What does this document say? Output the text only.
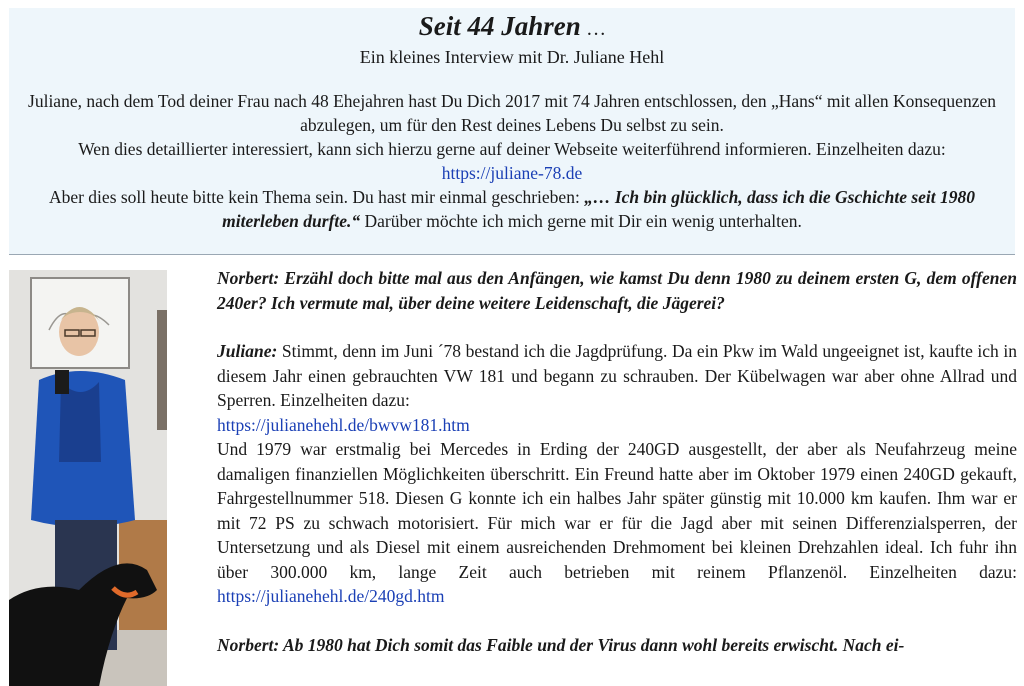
Seit 44 Jahren …
Ein kleines Interview mit Dr. Juliane Hehl
Juliane, nach dem Tod deiner Frau nach 48 Ehejahren hast Du Dich 2017 mit 74 Jahren entschlossen, den „Hans“ mit allen Konsequenzen abzulegen, um für den Rest deines Lebens Du selbst zu sein.
Wen dies detaillierter interessiert, kann sich hierzu gerne auf deiner Webseite weiterführend informieren. Einzelheiten dazu: https://juliane-78.de
Aber dies soll heute bitte kein Thema sein. Du hast mir einmal geschrieben: „… Ich bin glücklich, dass ich die Gschichte seit 1980 miterleben durfte.“ Darüber möchte ich mich gerne mit Dir ein wenig unterhalten.

Norbert: Erzähl doch bitte mal aus den Anfängen, wie kamst Du denn 1980 zu deinem ersten G, dem offenen 240er? Ich vermute mal, über deine weitere Leidenschaft, die Jägerei?

Juliane: Stimmt, denn im Juni ´78 bestand ich die Jagdprüfung. Da ein Pkw im Wald ungeeignet ist, kaufte ich in diesem Jahr einen gebrauchten VW 181 und begann zu schrauben. Der Kübelwagen war aber ohne Allrad und Sperren. Einzelheiten dazu:
https://julianehehl.de/bwvw181.htm

Und 1979 war erstmalig bei Mercedes in Erding der 240GD ausgestellt, der aber als Neufahrzeug meine damaligen finanziellen Möglichkeiten überschritt. Ein Freund hatte aber im Oktober 1979 einen 240GD gekauft, Fahrgestellnummer 518. Diesen G konnte ich ein halbes Jahr später günstig mit 10.000 km kaufen. Ihm war er mit 72 PS zu schwach motorisiert. Für mich war er für die Jagd aber mit seinen Differenzialsperren, der Untersetzung und als Diesel mit einem ausreichenden Drehmoment bei kleinen Drehzahlen ideal. Ich fuhr ihn über 300.000 km, lange Zeit auch betrieben mit reinem Pflanzenöl. Einzelheiten dazu: https://julianehehl.de/240gd.htm

Norbert: Ab 1980 hat Dich somit das Faible und der Virus dann wohl bereits erwischt. Nach ei-
